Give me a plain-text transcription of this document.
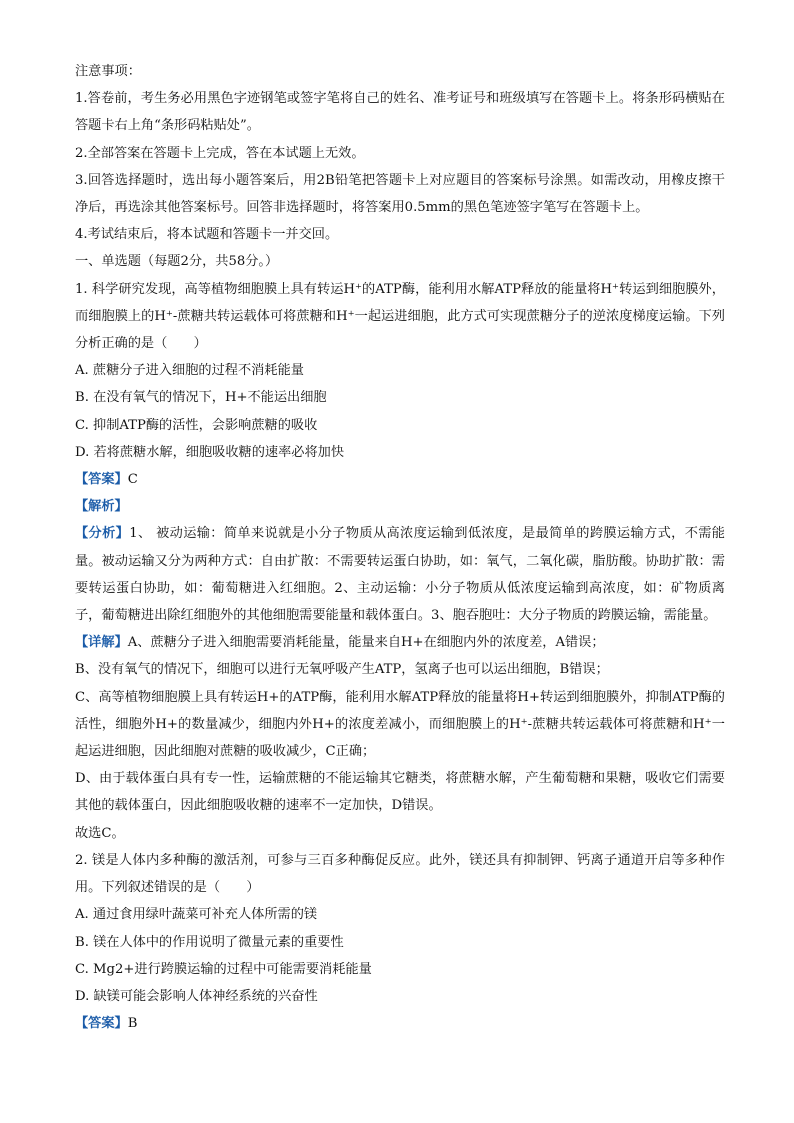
注意事项：
1.答卷前，考生务必用黑色字迹钢笔或签字笔将自己的姓名、准考证号和班级填写在答题卡上。将条形码横贴在答题卡右上角“条形码粘贴处”。
2.全部答案在答题卡上完成，答在本试题上无效。
3.回答选择题时，选出每小题答案后，用2B铅笔把答题卡上对应题目的答案标号涂黑。如需改动，用橡皮擦干净后，再选涂其他答案标号。回答非选择题时，将答案用0.5mm的黑色笔迹签字笔写在答题卡上。
4.考试结束后，将本试题和答题卡一并交回。
一、单选题（每题2分，共58分。）
1. 科学研究发现，高等植物细胞膜上具有转运H⁺的ATP酶，能利用水解ATP释放的能量将H⁺转运到细胞膜外，而细胞膜上的H⁺-蔗糖共转运载体可将蔗糖和H⁺一起运进细胞，此方式可实现蔗糖分子的逆浓度梯度运输。下列分析正确的是（　　）
A. 蔗糖分子进入细胞的过程不消耗能量
B. 在没有氧气的情况下，H+不能运出细胞
C. 抑制ATP酶的活性，会影响蔗糖的吸收
D. 若将蔗糖水解，细胞吸收糖的速率必将加快
【答案】C
【解析】
【分析】1、 被动运输：简单来说就是小分子物质从高浓度运输到低浓度，是最简单的跨膜运输方式，不需能量。被动运输又分为两种方式：自由扩散：不需要转运蛋白协助，如：氧气，二氧化碳，脂肪酸。协助扩散：需要转运蛋白协助，如：葡萄糖进入红细胞。2、主动运输：小分子物质从低浓度运输到高浓度，如：矿物质离子，葡萄糖进出除红细胞外的其他细胞需要能量和载体蛋白。3、胞吞胞吐：大分子物质的跨膜运输，需能量。
【详解】A、蔗糖分子进入细胞需要消耗能量，能量来自H+在细胞内外的浓度差，A错误；
B、没有氧气的情况下，细胞可以进行无氧呼吸产生ATP，氢离子也可以运出细胞，B错误；
C、高等植物细胞膜上具有转运H+的ATP酶，能利用水解ATP释放的能量将H+转运到细胞膜外，抑制ATP酶的活性，细胞外H+的数量减少，细胞内外H+的浓度差减小，而细胞膜上的H⁺-蔗糖共转运载体可将蔗糖和H⁺一起运进细胞，因此细胞对蔗糖的吸收减少，C正确；
D、由于载体蛋白具有专一性，运输蔗糖的不能运输其它糖类，将蔗糖水解，产生葡萄糖和果糖，吸收它们需要其他的载体蛋白，因此细胞吸收糖的速率不一定加快，D错误。
故选C。
2. 镁是人体内多种酶的激活剂，可参与三百多种酶促反应。此外，镁还具有抑制钾、钙离子通道开启等多种作用。下列叙述错误的是（　　）
A. 通过食用绿叶蔬菜可补充人体所需的镁
B. 镁在人体中的作用说明了微量元素的重要性
C. Mg2+进行跨膜运输的过程中可能需要消耗能量
D. 缺镁可能会影响人体神经系统的兴奋性
【答案】B
